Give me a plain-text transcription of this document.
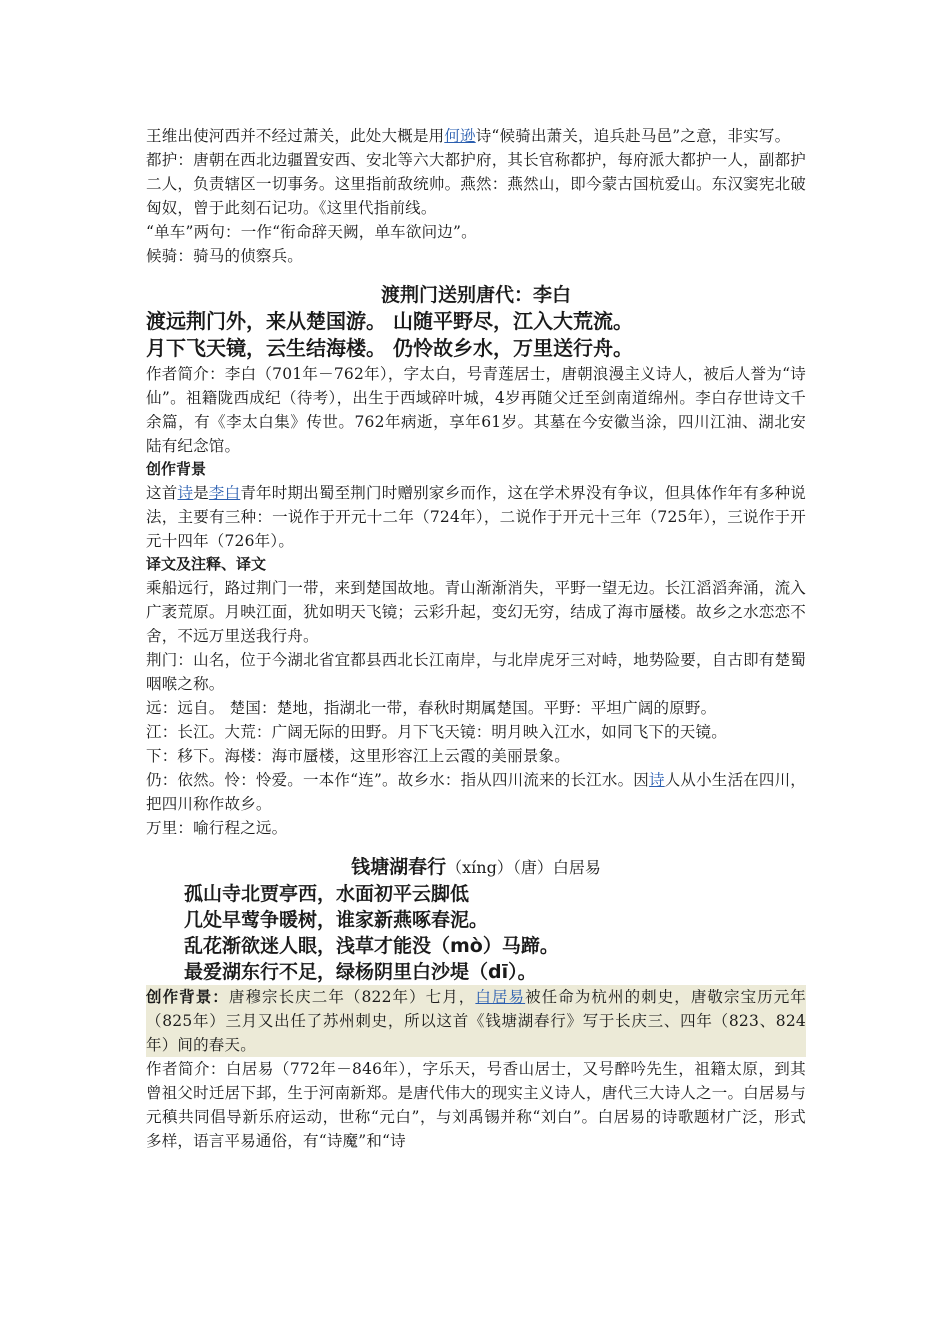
王维出使河西并不经过萧关，此处大概是用何逊诗“候骑出萧关，追兵赴马邑”之意，非实写。

都护：唐朝在西北边疆置安西、安北等六大都护府，其长官称都护，每府派大都护一人，副都护二人，负责辖区一切事务。这里指前敌统帅。燕然：燕然山，即今蒙古国杭爱山。东汉窦宪北破匈奴，曾于此刻石记功。《这里代指前线。

“单车”两句：一作“衔命辞天阙，单车欲问边”。

候骑：骑马的侦察兵。

渡荆门送别唐代：李白

渡远荆门外，来从楚国游。 山随平野尽，江入大荒流。

月下飞天镜，云生结海楼。 仍怜故乡水，万里送行舟。

作者简介：李白（701年－762年），字太白，号青莲居士，唐朝浪漫主义诗人，被后人誉为“诗仙”。祖籍陇西成纪（待考），出生于西域碎叶城，4岁再随父迁至剑南道绵州。李白存世诗文千余篇，有《李太白集》传世。762年病逝，享年61岁。其墓在今安徽当涂，四川江油、湖北安陆有纪念馆。

创作背景

这首诗是李白青年时期出蜀至荆门时赠别家乡而作，这在学术界没有争议，但具体作年有多种说法，主要有三种：一说作于开元十二年（724年），二说作于开元十三年（725年），三说作于开元十四年（726年）。

译文及注释、译文

乘船远行，路过荆门一带，来到楚国故地。青山渐渐消失，平野一望无边。长江滔滔奔涌，流入广袤荒原。月映江面，犹如明天飞镜；云彩升起，变幻无穷，结成了海市蜃楼。故乡之水恋恋不舍，不远万里送我行舟。

荆门：山名，位于今湖北省宜都县西北长江南岸，与北岸虎牙三对峙，地势险要，自古即有楚蜀咽喉之称。

远：远自。 楚国：楚地，指湖北一带，春秋时期属楚国。平野：平坦广阔的原野。

江：长江。大荒：广阔无际的田野。月下飞天镜：明月映入江水，如同飞下的天镜。

下：移下。海楼：海市蜃楼，这里形容江上云霞的美丽景象。

仍：依然。怜：怜爱。一本作“连”。故乡水：指从四川流来的长江水。因诗人从小生活在四川，把四川称作故乡。

万里：喻行程之远。

钱塘湖春行（xíng）（唐）白居易

孤山寺北贾亭西，水面初平云脚低

几处早莺争暖树，谁家新燕啄春泥。

乱花渐欲迷人眼，浅草才能没（mò）马蹄。

最爱湖东行不足，绿杨阴里白沙堤（dī）。

创作背景：唐穆宗长庆二年（822年）七月，白居易被任命为杭州的刺史，唐敬宗宝历元年（825年）三月又出任了苏州刺史，所以这首《钱塘湖春行》写于长庆三、四年（823、824年）间的春天。

作者简介：白居易（772年－846年），字乐天，号香山居士，又号醉吟先生，祖籍太原，到其曾祖父时迁居下邽，生于河南新郑。是唐代伟大的现实主义诗人，唐代三大诗人之一。白居易与元稹共同倡导新乐府运动，世称“元白”，与刘禹锡并称“刘白”。白居易的诗歌题材广泛，形式多样，语言平易通俗，有“诗魔”和“诗
